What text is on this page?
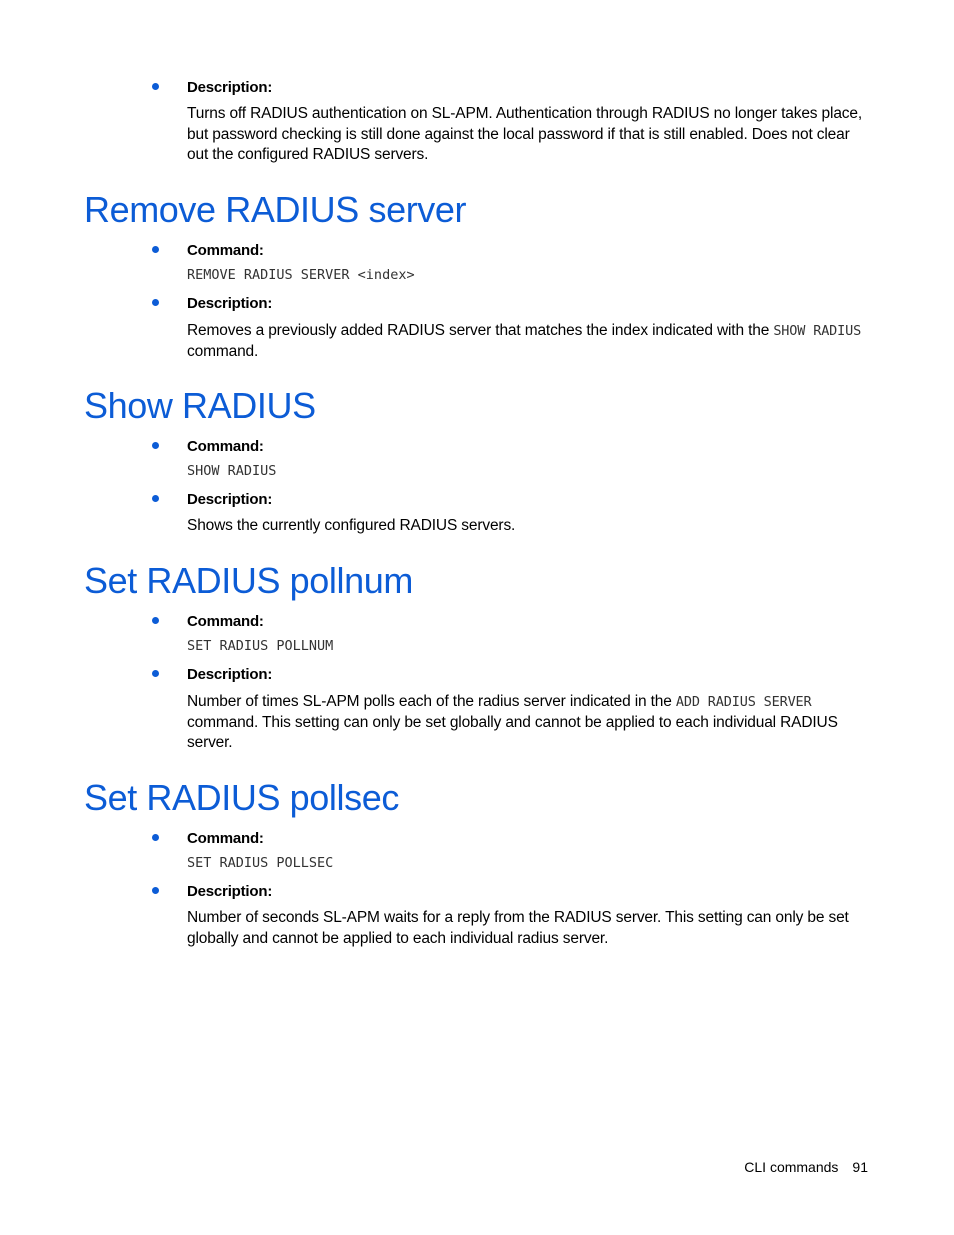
Description:

Turns off RADIUS authentication on SL-APM. Authentication through RADIUS no longer takes place, but password checking is still done against the local password if that is still enabled. Does not clear out the configured RADIUS servers.

Remove RADIUS server
Command:
REMOVE RADIUS SERVER <index>
Description:

Removes a previously added RADIUS server that matches the index indicated with the SHOW RADIUS command.

Show RADIUS
Command:
SHOW RADIUS
Description:

Shows the currently configured RADIUS servers.

Set RADIUS pollnum
Command:
SET RADIUS POLLNUM
Description:

Number of times SL-APM polls each of the radius server indicated in the ADD RADIUS SERVER command. This setting can only be set globally and cannot be applied to each individual RADIUS server.

Set RADIUS pollsec
Command:
SET RADIUS POLLSEC
Description:

Number of seconds SL-APM waits for a reply from the RADIUS server. This setting can only be set globally and cannot be applied to each individual radius server.

CLI commands 91
